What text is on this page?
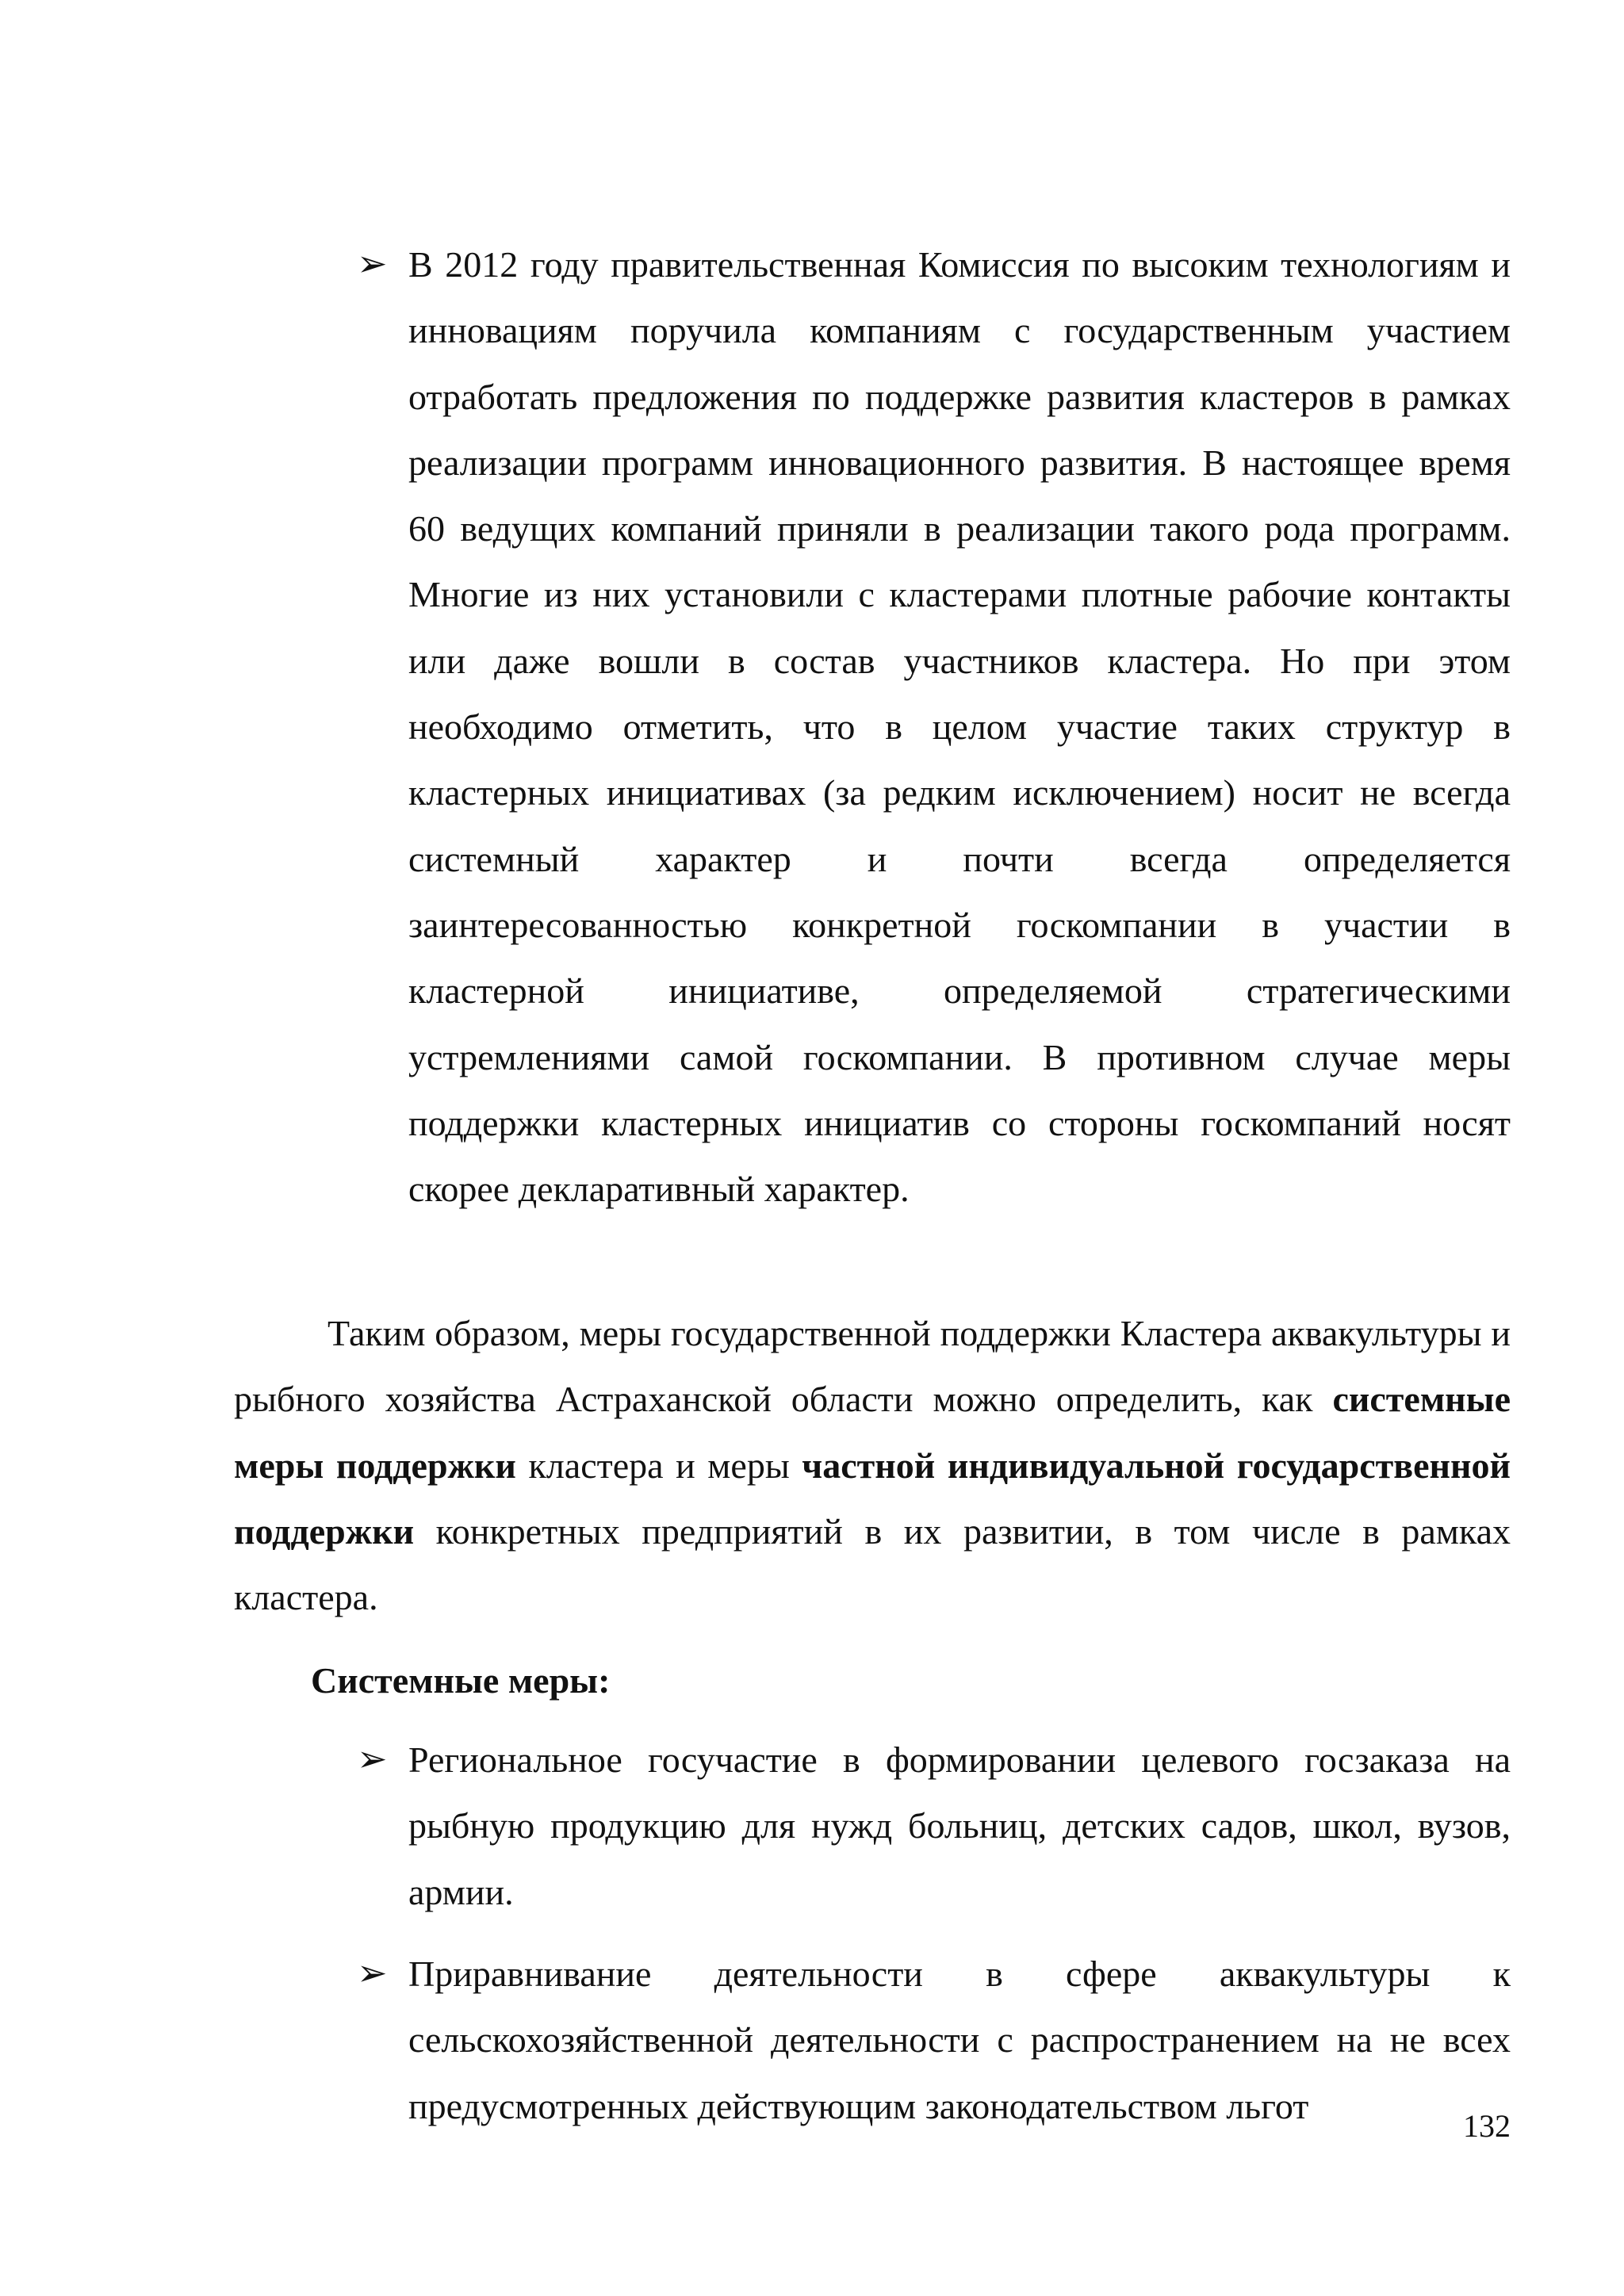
➢ В 2012 году правительственная Комиссия по высоким технологиям и инновациям поручила компаниям с государственным участием отработать предложения по поддержке развития кластеров в рамках реализации программ инновационного развития. В настоящее время 60 ведущих компаний приняли в реализации такого рода программ. Многие из них установили с кластерами плотные рабочие контакты или даже вошли в состав участников кластера. Но при этом необходимо отметить, что в целом участие таких структур в кластерных инициативах (за редким исключением) носит не всегда системный характер и почти всегда определяется заинтересованностью конкретной госкомпании в участии в кластерной инициативе, определяемой стратегическими устремлениями самой госкомпании. В противном случае меры поддержки кластерных инициатив со стороны госкомпаний носят скорее декларативный характер.

Таким образом, меры государственной поддержки Кластера аквакультуры и рыбного хозяйства Астраханской области можно определить, как системные меры поддержки кластера и меры частной индивидуальной государственной поддержки конкретных предприятий в их развитии, в том числе в рамках кластера.

Системные меры:

➢ Региональное госучастие в формировании целевого госзаказа на рыбную продукцию для нужд больниц, детских садов, школ, вузов, армии.
➢ Приравнивание деятельности в сфере аквакультуры к сельскохозяйственной деятельности с распространением на не всех предусмотренных действующим законодательством льгот	132
